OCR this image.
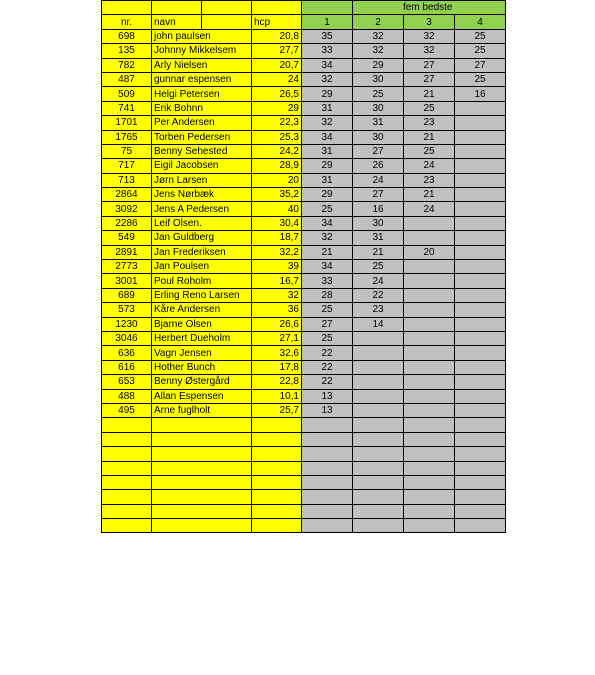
					fem bedste		
nr.	navn		hcp	1	2	3	4
698	john paulsen		20,8	35	32	32	25
135	Johnny Mikkelsem		27,7	33	32	32	25
782	Arly Nielsen		20,7	34	29	27	27
487	gunnar espensen		24	32	30	27	25
509	Helgi Petersen		26,5	29	25	21	16
741	Erik Bohnn		29	31	30	25	
1701	Per Andersen		22,3	32	31	23	
1765	Torben Pedersen		25,3	34	30	21	
75	Benny Sehested		24,2	31	27	25	
717	Eigil Jacobsen		28,9	29	26	24	
713	Jørn Larsen		20	31	24	23	
2864	Jens Nørbæk		35,2	29	27	21	
3092	Jens A Pedersen		40	25	16	24	
2286	Leif Olsen.		30,4	34	30		
549	Jan Guldberg		18,7	32	31		
2891	Jan Frederiksen		32,2	21	21	20	
2773	Jan Poulsen		39	34	25		
3001	Poul Roholm		16,7	33	24		
689	Erling Reno Larsen		32	28	22		
573	Kåre Andersen		36	25	23		
1230	Bjarne Olsen		26,6	27	14		
3046	Herbert Dueholm		27,1	25			
636	Vagn Jensen		32,6	22			
616	Hother Bunch		17,8	22			
653	Benny Østergård		22,8	22			
488	Allan Espensen		10,1	13			
495	Arne fuglholt		25,7	13			
